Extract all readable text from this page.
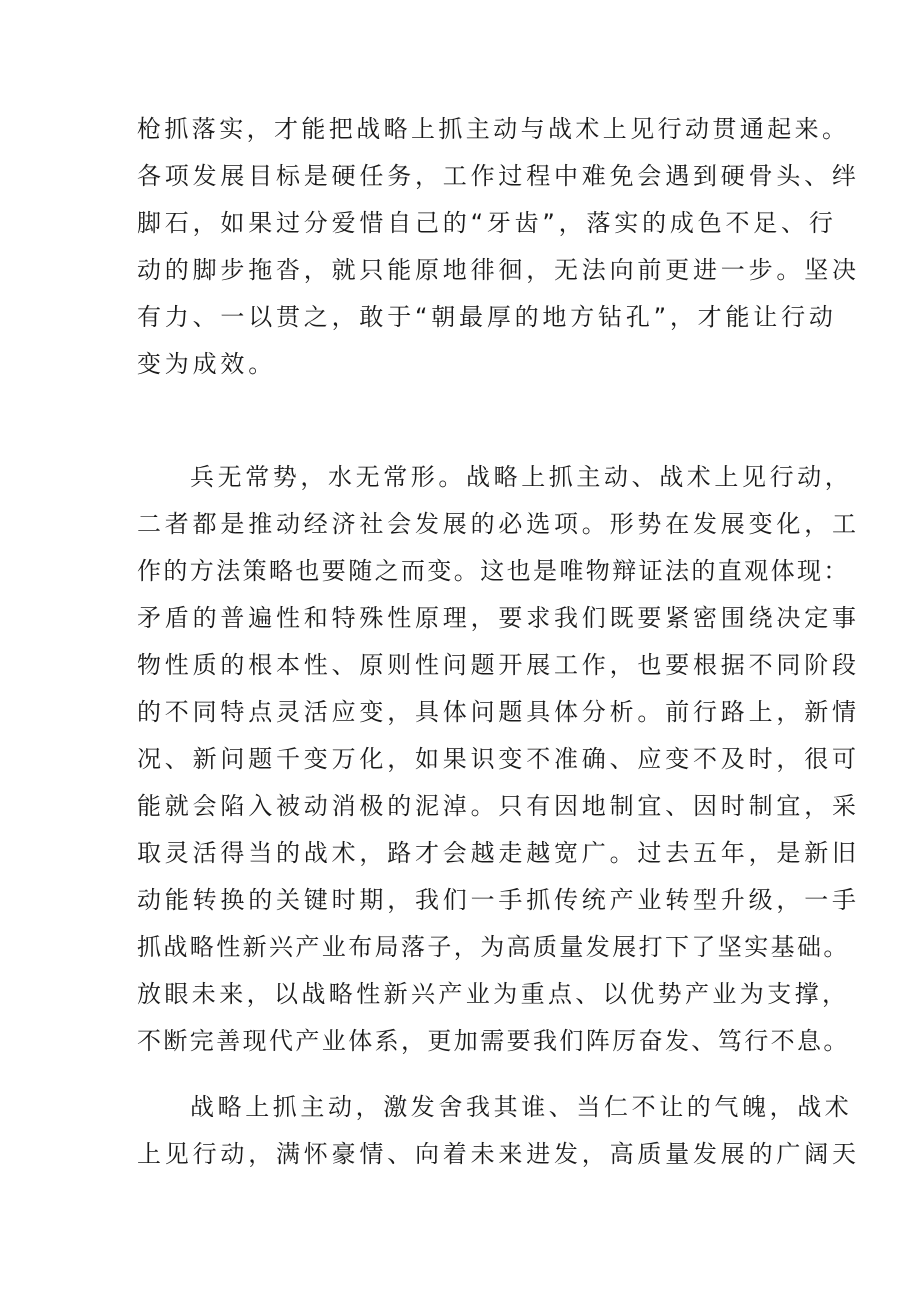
枪抓落实，才能把战略上抓主动与战术上见行动贯通起来。
各项发展目标是硬任务，工作过程中难免会遇到硬骨头、绊
脚石，如果过分爱惜自己的“牙齿”，落实的成色不足、行
动的脚步拖沓，就只能原地徘徊，无法向前更进一步。坚决
有力、一以贯之，敢于“朝最厚的地方钻孔”，才能让行动
变为成效。
兵无常势，水无常形。战略上抓主动、战术上见行动，
二者都是推动经济社会发展的必选项。形势在发展变化，工
作的方法策略也要随之而变。这也是唯物辩证法的直观体现：
矛盾的普遍性和特殊性原理，要求我们既要紧密围绕决定事
物性质的根本性、原则性问题开展工作，也要根据不同阶段
的不同特点灵活应变，具体问题具体分析。前行路上，新情
况、新问题千变万化，如果识变不准确、应变不及时，很可
能就会陷入被动消极的泥淖。只有因地制宜、因时制宜，采
取灵活得当的战术，路才会越走越宽广。过去五年，是新旧
动能转换的关键时期，我们一手抓传统产业转型升级，一手
抓战略性新兴产业布局落子，为高质量发展打下了坚实基础。
放眼未来，以战略性新兴产业为重点、以优势产业为支撑，
不断完善现代产业体系，更加需要我们阵厉奋发、笃行不息。
战略上抓主动，激发舍我其谁、当仁不让的气魄，战术
上见行动，满怀豪情、向着未来进发，高质量发展的广阔天
